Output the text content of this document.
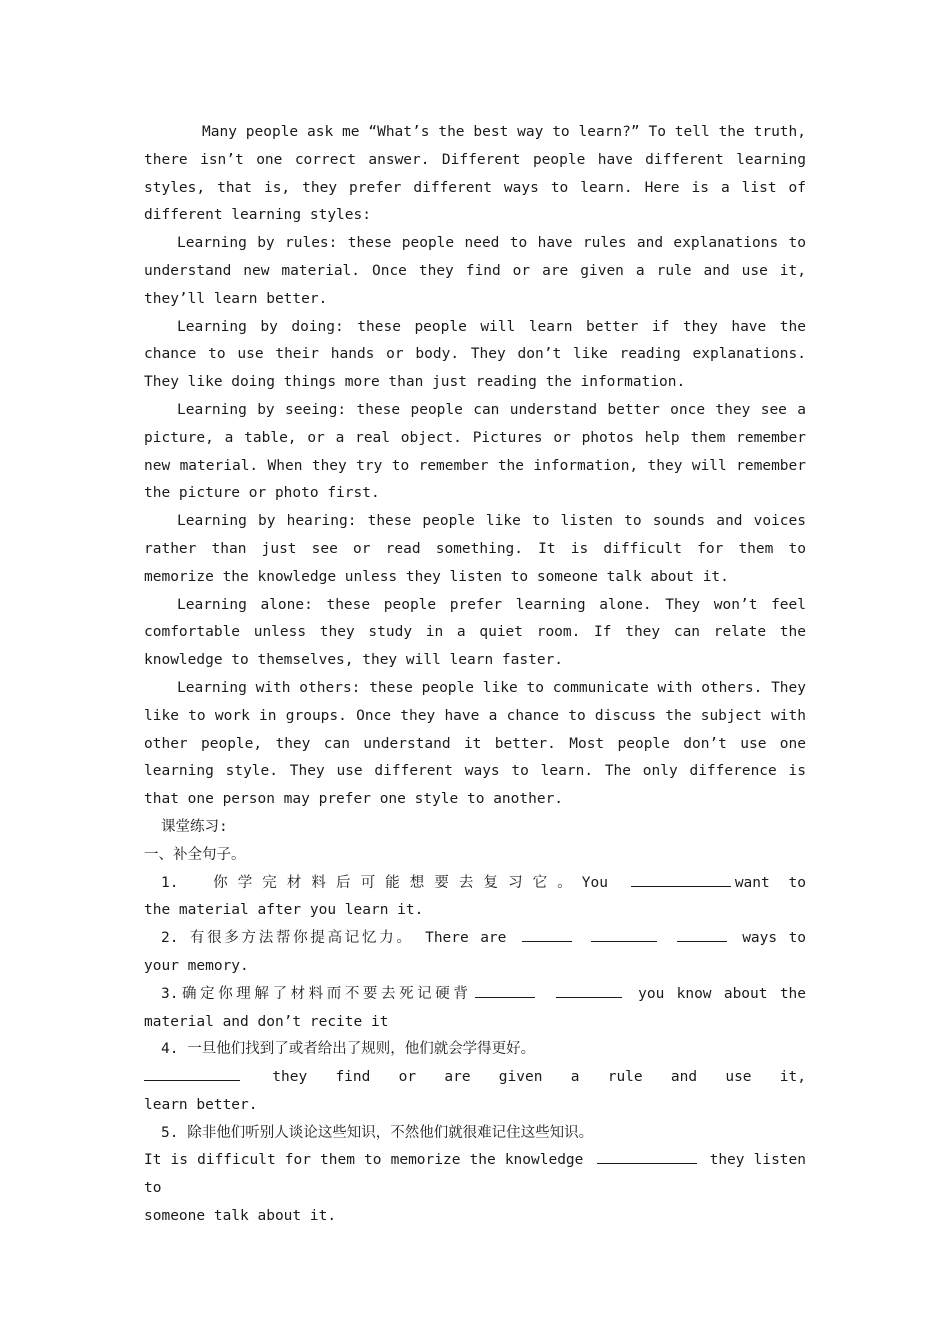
Many people ask me “What’s the best way to learn?” To tell the truth, there isn’t one correct answer. Different people have different learning styles, that is, they prefer different ways to learn. Here is a list of different learning styles:

Learning by rules: these people need to have rules and explanations to understand new material. Once they find or are given a rule and use it, they’ll learn better.

Learning by doing: these people will learn better if they have the chance to use their hands or body. They don’t like reading explanations. They like doing things more than just reading the information.

Learning by seeing: these people can understand better once they see a picture, a table, or a real object. Pictures or photos help them remember new material. When they try to remember the information, they will remember the picture or photo first.

Learning by hearing: these people like to listen to sounds and voices rather than just see or read something. It is difficult for them to memorize the knowledge unless they listen to someone talk about it.

Learning alone: these people prefer learning alone. They won’t feel comfortable unless they study in a quiet room. If they can relate the knowledge to themselves, they will learn faster.

Learning with others: these people like to communicate with others. They like to work in groups. Once they have a chance to discuss the subject with other people, they can understand it better. Most people don’t use one learning style. They use different ways to learn. The only difference is that one person may prefer one style to another.

课堂练习:

一、补全句子。

1.　你学完材料后可能想要去复习它。You	want to

the material after you learn it.

2. 有很多方法帮你提高记忆力。 There are	ways to

your memory.

3.确定你理解了材料而不要去死记硬背	you know about the

material and don’t recite it

4. 一旦他们找到了或者给出了规则，他们就会学得更好。

they find or are given a rule and use it,

learn better.

5. 除非他们听别人谈论这些知识，不然他们就很难记住这些知识。

It is difficult for them to memorize the knowledge	they listen to

someone talk about it.
